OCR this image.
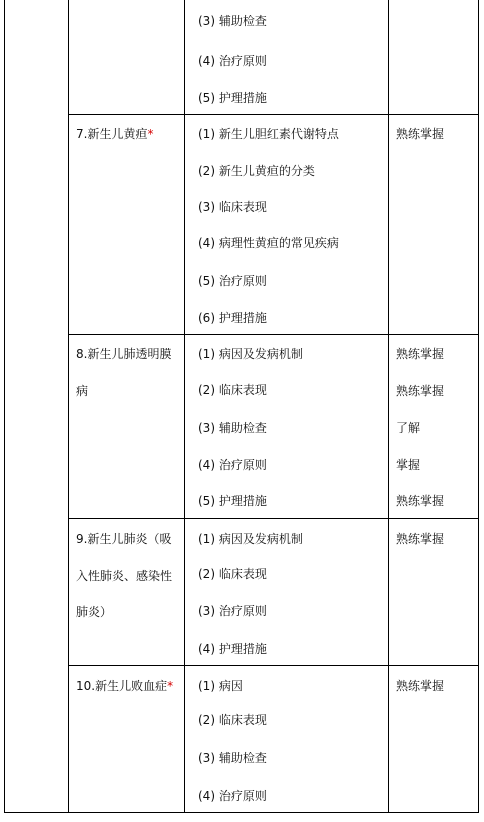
(3) 辅助检查
(4) 治疗原则
(5) 护理措施
7.新生儿黄疸*	(1) 新生儿胆红素代谢特点
(2) 新生儿黄疸的分类
(3) 临床表现
(4) 病理性黄疸的常见疾病
(5) 治疗原则
(6) 护理措施
熟练掌握
8.新生儿肺透明膜
病
(1) 病因及发病机制
(2) 临床表现
(3) 辅助检查
(4) 治疗原则
(5) 护理措施
熟练掌握
熟练掌握
了解
掌握
熟练掌握
9.新生儿肺炎（吸
入性肺炎、感染性
肺炎）
(1) 病因及发病机制
(2) 临床表现
(3) 治疗原则
(4) 护理措施
熟练掌握
10.新生儿败血症* (1) 病因
(2) 临床表现
(3) 辅助检查
(4) 治疗原则
熟练掌握
